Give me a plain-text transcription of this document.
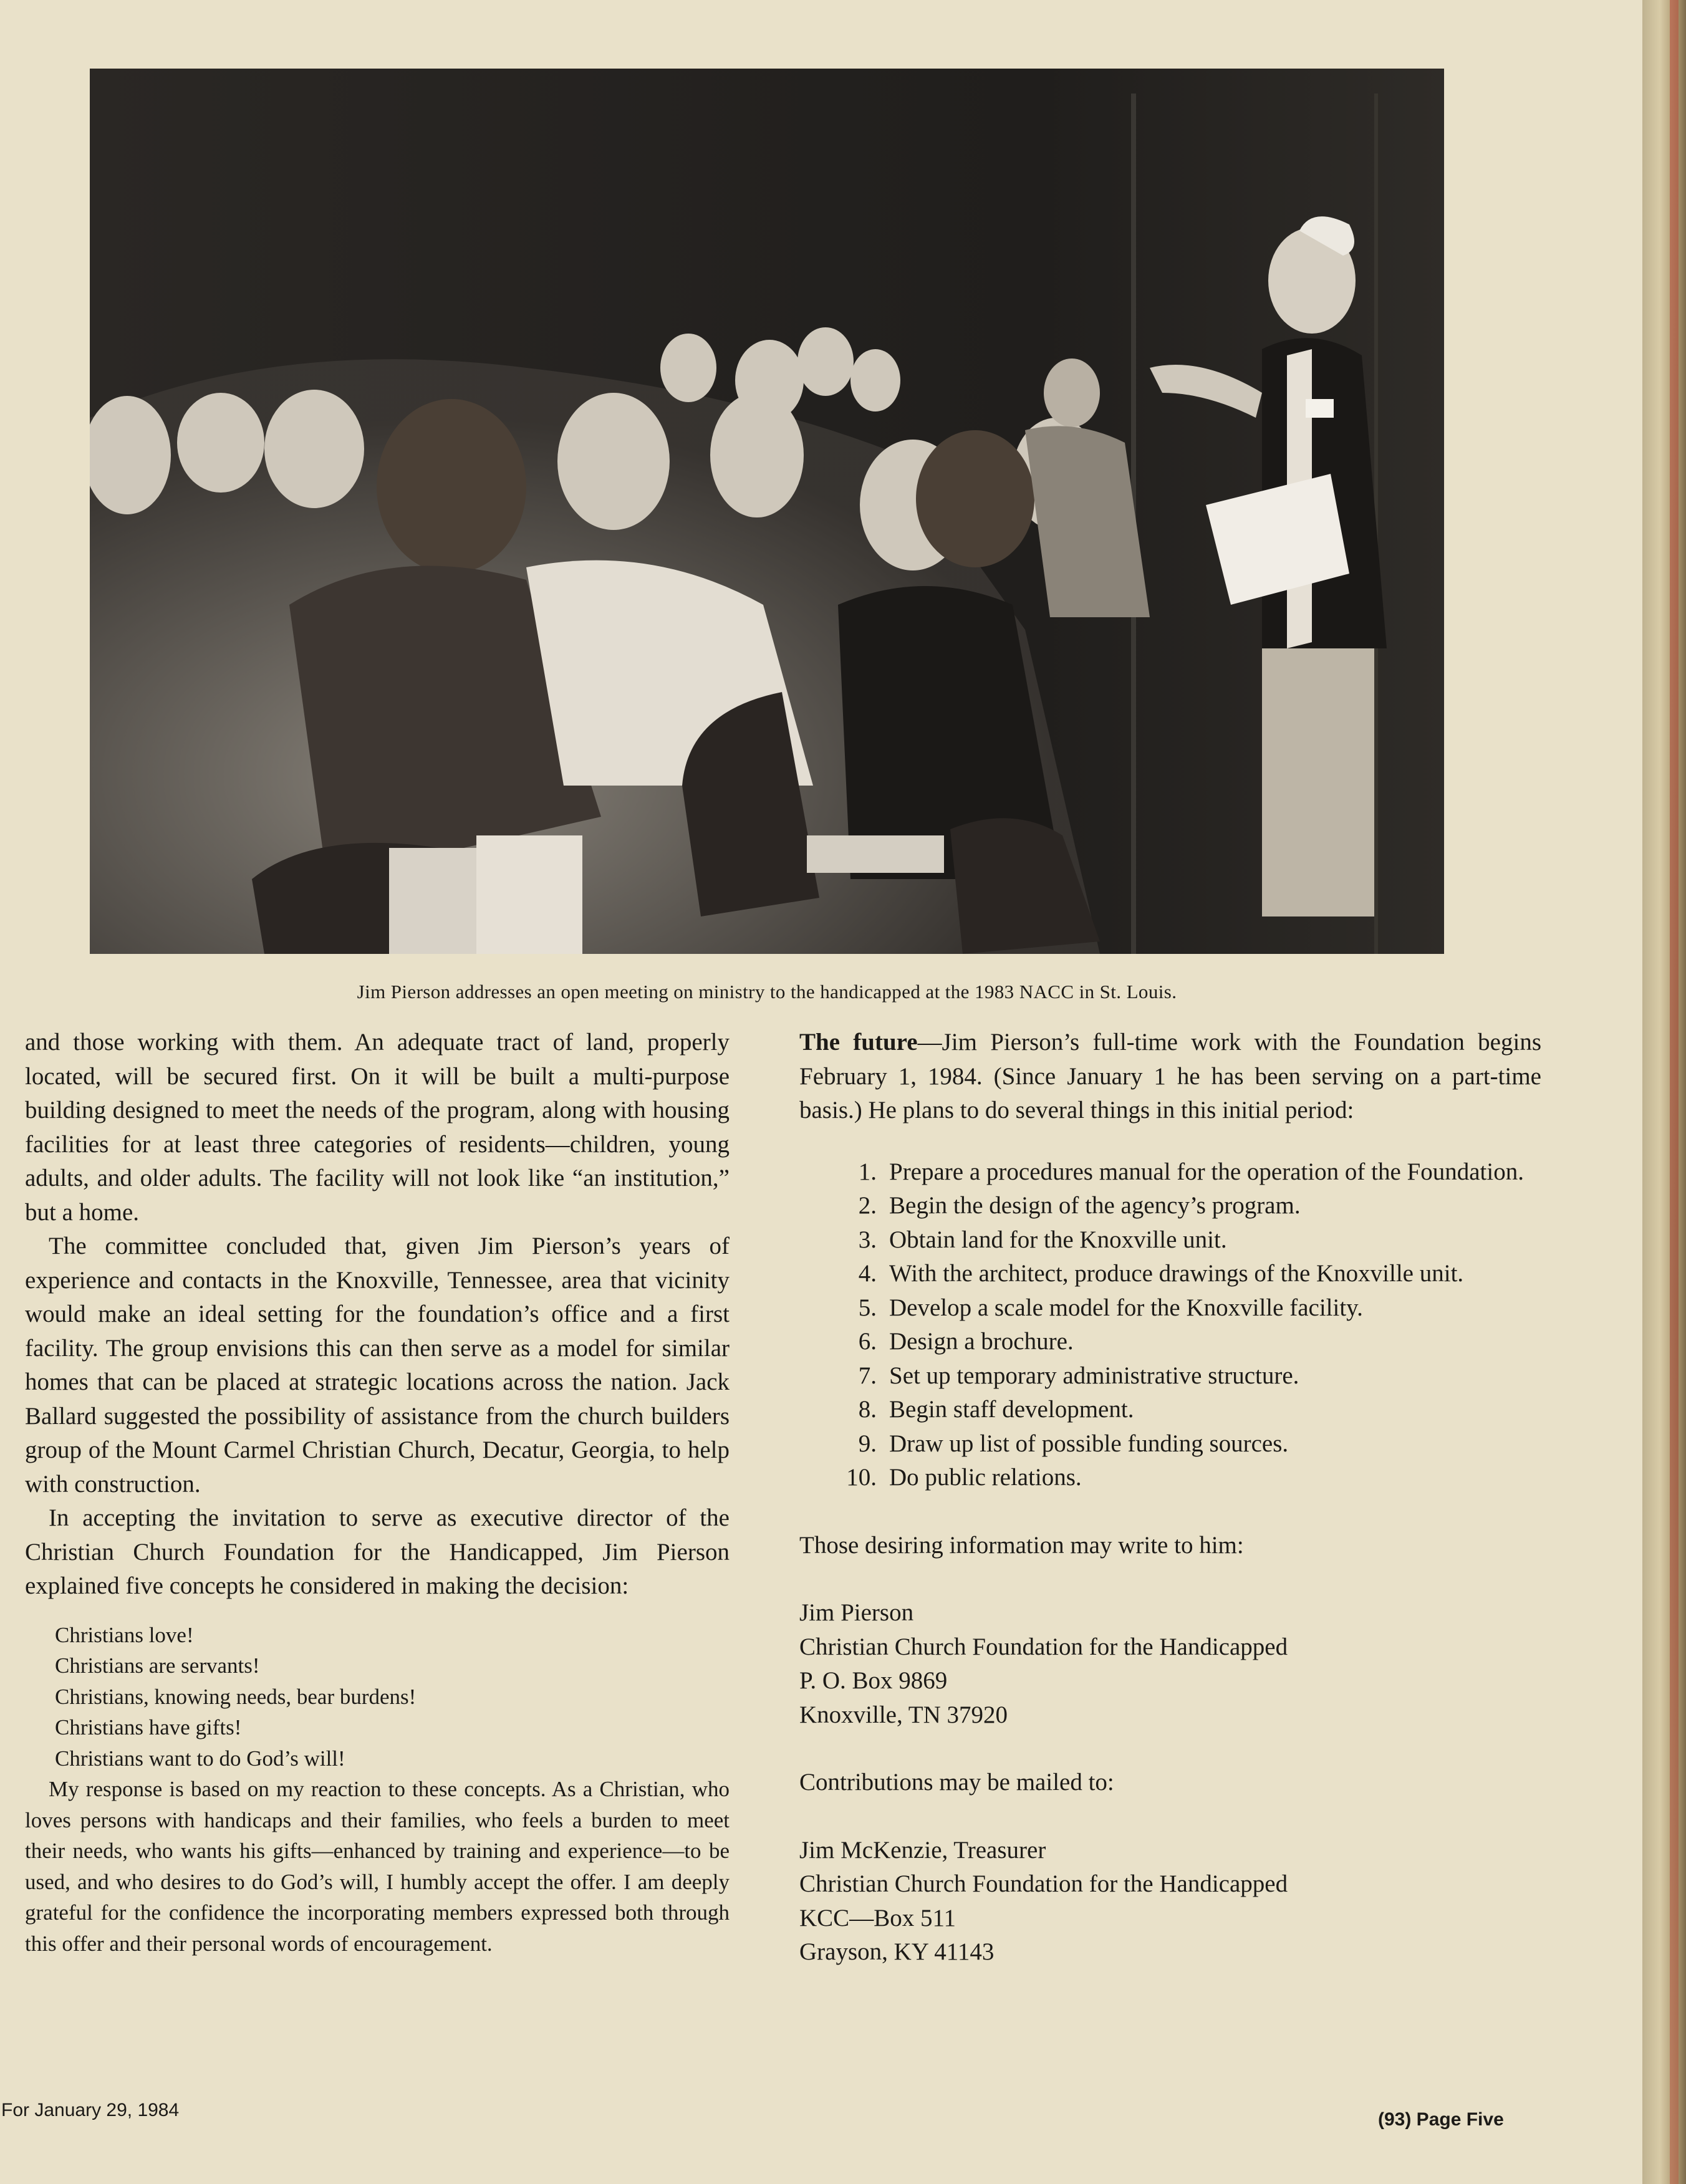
Jim Pierson addresses an open meeting on ministry to the handicapped at the 1983 NACC in St. Louis.

and those working with them. An adequate tract of land, properly located, will be secured first. On it will be built a multi-purpose building designed to meet the needs of the program, along with housing facilities for at least three categories of residents—children, young adults, and older adults. The facility will not look like “an institution,” but a home.

The committee concluded that, given Jim Pierson’s years of experience and contacts in the Knoxville, Tennessee, area that vicinity would make an ideal setting for the foundation’s office and a first facility. The group envisions this can then serve as a model for similar homes that can be placed at strategic locations across the nation. Jack Ballard suggested the possibility of assistance from the church builders group of the Mount Carmel Christian Church, Decatur, Georgia, to help with construction.

In accepting the invitation to serve as executive director of the Christian Church Foundation for the Handicapped, Jim Pierson explained five concepts he considered in making the decision:

Christians love!
Christians are servants!
Christians, knowing needs, bear burdens!
Christians have gifts!
Christians want to do God’s will!

My response is based on my reaction to these concepts. As a Christian, who loves persons with handicaps and their families, who feels a burden to meet their needs, who wants his gifts—enhanced by training and experience—to be used, and who desires to do God’s will, I humbly accept the offer. I am deeply grateful for the confidence the incorporating members expressed both through this offer and their personal words of encouragement.

The future—Jim Pierson’s full-time work with the Foundation begins February 1, 1984. (Since January 1 he has been serving on a part-time basis.) He plans to do several things in this initial period:

1. Prepare a procedures manual for the operation of the Foundation.
2. Begin the design of the agency’s program.
3. Obtain land for the Knoxville unit.
4. With the architect, produce drawings of the Knoxville unit.
5. Develop a scale model for the Knoxville facility.
6. Design a brochure.
7. Set up temporary administrative structure.
8. Begin staff development.
9. Draw up list of possible funding sources.
10. Do public relations.

Those desiring information may write to him:

Jim Pierson
Christian Church Foundation for the Handicapped
P. O. Box 9869
Knoxville, TN 37920

Contributions may be mailed to:

Jim McKenzie, Treasurer
Christian Church Foundation for the Handicapped
KCC—Box 511
Grayson, KY 41143
For January 29, 1984	(93) Page Five
